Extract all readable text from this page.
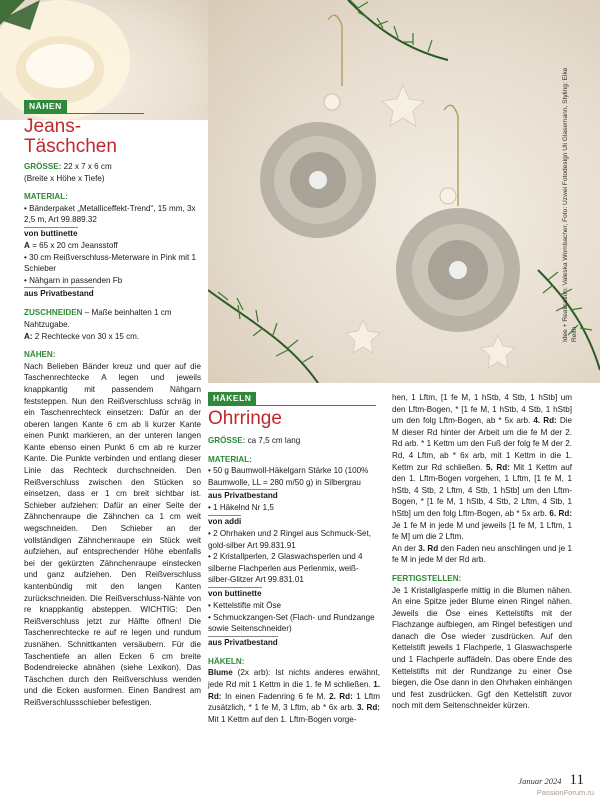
Idee + Realisation: Valeska Wombacher, Foto: Uzwei Fotodesign Uli Glasemann, Styling: Elke Reith
NÄHEN
Jeans-
Täschchen

GRÖSSE: 22 x 7 x 6 cm

(Breite x Höhe x Tiefe)

MATERIAL:

• Bänderpaket „Metalliceffekt-Trend“, 15 mm, 3x 2,5 m, Art 99.889.32

von buttinette

A = 65 x 20 cm Jeansstoff

• 30 cm Reißverschluss-Meterware in Pink mit 1 Schieber

• Nähgarn in passenden Fb

aus Privatbestand

ZUSCHNEIDEN – Maße beinhalten 1 cm Nahtzugabe.

A: 2 Rechtecke von 30 x 15 cm.

NÄHEN:

Nach Belieben Bänder kreuz und quer auf die Taschenrechtecke A legen und jeweils knappkantig mit passendem Nähgarn feststeppen. Nun den Reißverschluss schräg in ein Taschenrechteck einsetzen: Dafür an der oberen langen Kante 6 cm ab li kurzer Kante einen Punkt markieren, an der unteren langen Kante ebenso einen Punkt 6 cm ab re kurzer Kante. Die Punkte verbinden und entlang dieser Linie das Rechteck durchschneiden. Den Reißverschluss zwischen den Stücken so einsetzen, dass er 1 cm breit sichtbar ist. Schieber aufziehen: Dafür an einer Seite der Zähnchenraupe die Zähnchen ca 1 cm weit wegschneiden. Den Schieber an der vollständigen Zähnchenraupe ein Stück weit aufziehen, auf entsprechender Höhe ebenfalls bei der gekürzten Zähnchenraupe einstecken und ganz aufziehen. Den Reißverschluss kantenbündig mit den langen Kanten zurückschneiden. Die Reißverschluss-Nähte von re knappkantig absteppen. WICHTIG: Den Reißverschluss jetzt zur Hälfte öffnen! Die Taschenrechtecke re auf re legen und rundum zusnähen. Schnittkanten versäubern. Für die Taschentiefe an allen Ecken 6 cm breite Bodendreiecke abnähen (siehe Lexikon). Das Täschchen durch den Reißverschluss wenden und die Ecken ausformen. Einen Bandrest am Reißverschlussschieber befestigen.

HÄKELN
Ohrringe

GRÖSSE: ca 7,5 cm lang

MATERIAL:

• 50 g Baumwoll-Häkelgarn Stärke 10 (100% Baumwolle, LL = 280 m/50 g) in Silbergrau

aus Privatbestand

• 1 Häkelnd Nr 1,5

von addi

• 2 Ohrhaken und 2 Ringel aus Schmuck-Set, gold-silber Art 99.831.91

• 2 Kristallperlen, 2 Glaswachsperlen und 4 silberne Flachperlen aus Perlenmix, weiß-silber-Glitzer Art 99.831.01

von buttinette

• Kettelstifte mit Öse

• Schmuckzangen-Set (Flach- und Rundzange sowie Seitenschneider)

aus Privatbestand

HÄKELN:

Blume (2x arb): Ist nichts anderes erwähnt, jede Rd mit 1 Kettm in die 1. fe M schließen. 1. Rd: In einen Fadenring 6 fe M. 2. Rd: 1 Lftm zusätzlich, * 1 fe M, 3 Lftm, ab * 6x arb. 3. Rd: Mit 1 Kettm auf den 1. Lftm-Bogen vorge-

hen, 1 Lftm, [1 fe M, 1 hStb, 4 Stb, 1 hStb] um den Lftm-Bogen, * [1 fe M, 1 hStb, 4 Stb, 1 hStb] um den folg Lftm-Bogen, ab * 5x arb. 4. Rd: Die M dieser Rd hinter der Arbeit um die fe M der 2. Rd arb. * 1 Kettm um den Fuß der folg fe M der 2. Rd, 4 Lftm, ab * 6x arb, mit 1 Kettm in die 1. Kettm zur Rd schließen. 5. Rd: Mit 1 Kettm auf den 1. Lftm-Bogen vorgehen, 1 Lftm, [1 fe M, 1 hStb, 4 Stb, 2 Lftm, 4 Stb, 1 hStb] um den Lftm-Bogen, * [1 fe M, 1 hStb, 4 Stb, 2 Lftm, 4 Stb, 1 hStb] um den folg Lftm-Bogen, ab * 5x arb. 6. Rd: Je 1 fe M in jede M und jeweils [1 fe M, 1 Lftm, 1 fe M] um die 2 Lftm.

An der 3. Rd den Faden neu anschlingen und je 1 fe M in jede M der Rd arb.

FERTIGSTELLEN:

Je 1 Kristallglasperle mittig in die Blumen nähen. An eine Spitze jeder Blume einen Ringel nähen. Jeweils die Öse eines Kettelstifts mit der Flachzange aufbiegen, am Ringel befestigen und danach die Öse wieder zusdrücken. Auf den Kettelstift jeweils 1 Flachperle, 1 Glaswachsperle und 1 Flachperle auffädeln. Das obere Ende des Kettelstifts mit der Rundzange zu einer Öse biegen, die Öse dann in den Ohrhaken einhängen und fest zusdrücken. Ggf den Kettelstift zuvor noch mit dem Seitenschneider kürzen.

Januar 2024 11
PassionForum.ru
